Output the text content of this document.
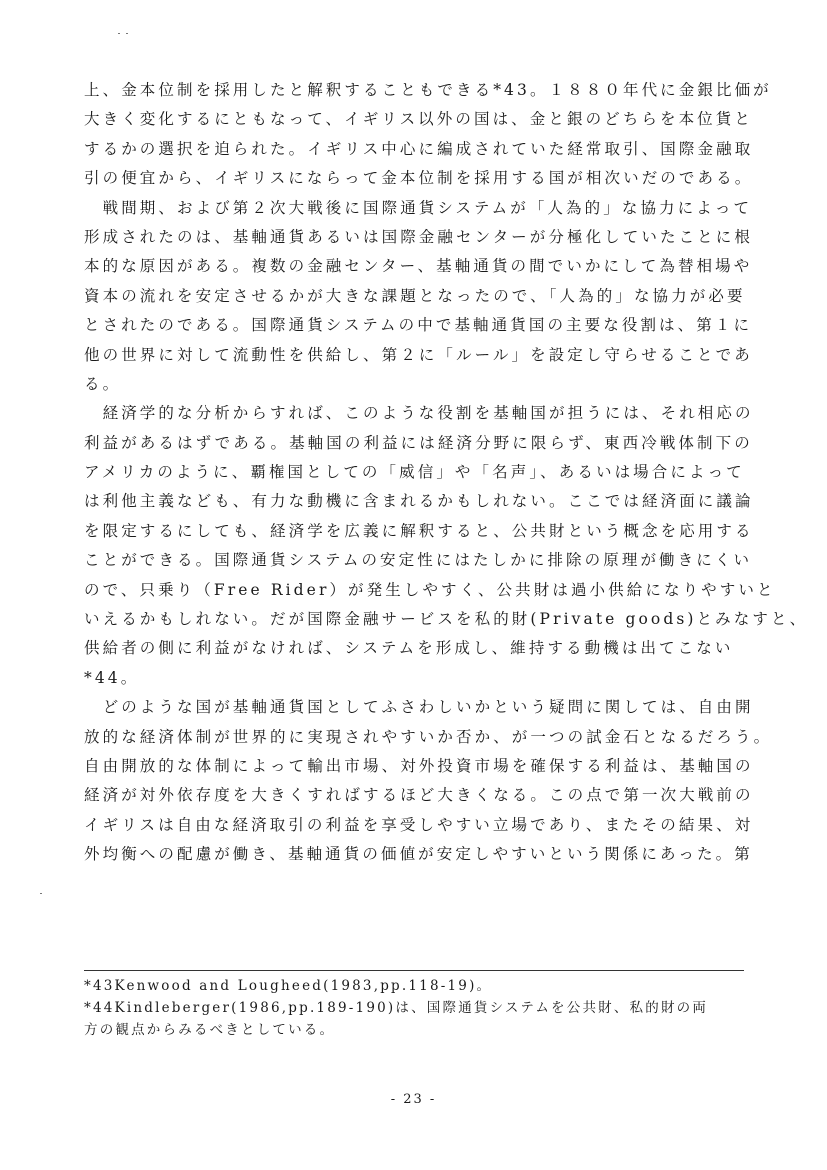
上、金本位制を採用したと解釈することもできる*43。１８８０年代に金銀比価が
大きく変化するにともなって、イギリス以外の国は、金と銀のどちらを本位貨と
するかの選択を迫られた。イギリス中心に編成されていた経常取引、国際金融取
引の便宜から、イギリスにならって金本位制を採用する国が相次いだのである。
　戦間期、および第２次大戦後に国際通貨システムが「人為的」な協力によって
形成されたのは、基軸通貨あるいは国際金融センターが分極化していたことに根
本的な原因がある。複数の金融センター、基軸通貨の間でいかにして為替相場や
資本の流れを安定させるかが大きな課題となったので、「人為的」な協力が必要
とされたのである。国際通貨システムの中で基軸通貨国の主要な役割は、第１に
他の世界に対して流動性を供給し、第２に「ルール」を設定し守らせることであ
る。
　経済学的な分析からすれば、このような役割を基軸国が担うには、それ相応の
利益があるはずである。基軸国の利益には経済分野に限らず、東西冷戦体制下の
アメリカのように、覇権国としての「威信」や「名声」、あるいは場合によって
は利他主義なども、有力な動機に含まれるかもしれない。ここでは経済面に議論
を限定するにしても、経済学を広義に解釈すると、公共財という概念を応用する
ことができる。国際通貨システムの安定性にはたしかに排除の原理が働きにくい
ので、只乗り（Free Rider）が発生しやすく、公共財は過小供給になりやすいと
いえるかもしれない。だが国際金融サービスを私的財(Private goods)とみなすと、
供給者の側に利益がなければ、システムを形成し、維持する動機は出てこない
*44。
　どのような国が基軸通貨国としてふさわしいかという疑問に関しては、自由開
放的な経済体制が世界的に実現されやすいか否か、が一つの試金石となるだろう。
自由開放的な体制によって輸出市場、対外投資市場を確保する利益は、基軸国の
経済が対外依存度を大きくすればするほど大きくなる。この点で第一次大戦前の
イギリスは自由な経済取引の利益を享受しやすい立場であり、またその結果、対
外均衡への配慮が働き、基軸通貨の価値が安定しやすいという関係にあった。第
*43Kenwood and Lougheed(1983,pp.118-19)。
*44Kindleberger(1986,pp.189-190)は、国際通貨システムを公共財、私的財の両
方の観点からみるべきとしている。
- 23 -
